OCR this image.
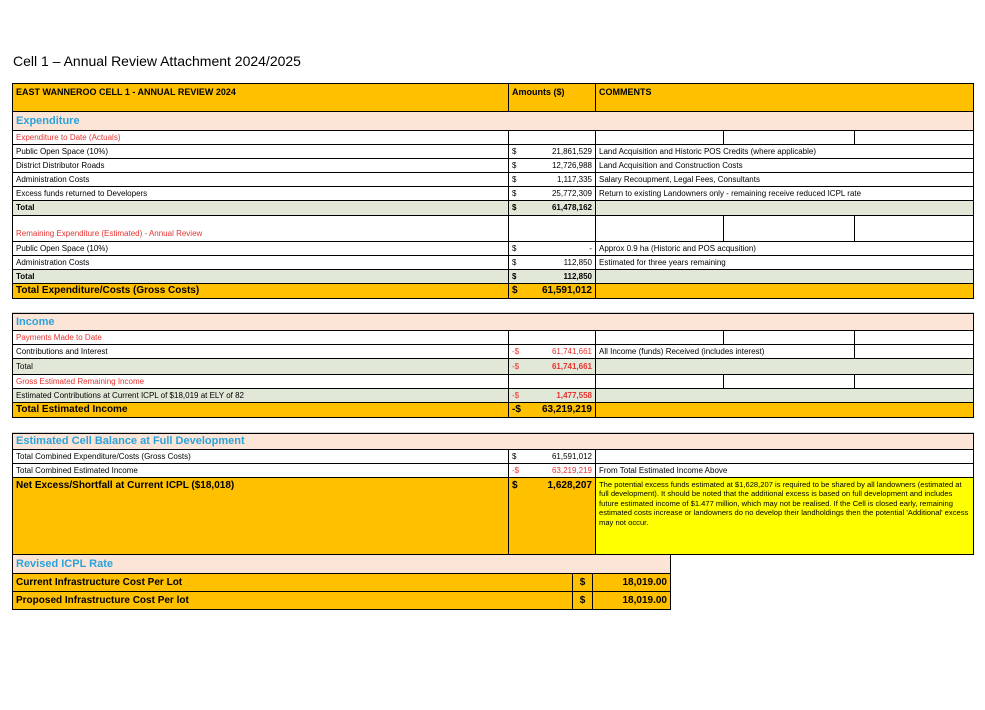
Cell 1 – Annual Review Attachment 2024/2025
EAST WANNEROO CELL 1 - ANNUAL REVIEW 2024	Amounts ($)	COMMENTS
Expenditure
Expenditure to Date (Actuals)
Public Open Space (10%)	$	21,861,529 Land Acquisition and Historic POS Credits (where applicable)
District Distributor Roads	$	12,726,988 Land Acquisition and Construction Costs
Administration Costs	$	1,117,335 Salary Recoupment, Legal Fees, Consultants
Excess funds returned to Developers	$	25,772,309 Return to existing Landowners only - remaining receive reduced ICPL rate
Total	$	61,478,162
Remaining Expenditure (Estimated) - Annual Review
Public Open Space (10%)	$	- Approx 0.9 ha (Historic and POS acqusition)
Administration Costs	$	112,850 Estimated for three years remaining
Total	$	112,850
Total Expenditure/Costs (Gross Costs)	$	61,591,012
Income
Payments Made to Date
Contributions and Interest	-$	61,741,661 All Income (funds) Received (includes interest)
Total	-$	61,741,661
Gross Estimated Remaining Income
Estimated Contributions at Current ICPL of $18,019 at ELY of 82	-$	1,477,558
Total Estimated Income	-$	63,219,219
Estimated Cell Balance at Full Development
Total Combined Expenditure/Costs (Gross Costs)	$	61,591,012
Total Combined Estimated Income	-$	63,219,219 From Total Estimated Income Above
Net Excess/Shortfall at Current ICPL ($18,018)	$	1,628,207 The potential excess funds estimated at $1,628,207 is required to be shared by all landowners (estimated at full development). It should be noted that the additional excess is based on full development and includes future estimated income of $1.477 million, which may not be realised. If the Cell is closed early, remaining estimated costs increase or landowners do no develop their landholdings then the potential 'Additional' excess may not occur.
Revised ICPL Rate
Current Infrastructure Cost Per Lot	$	18,019.00
Proposed Infrastructure Cost Per lot	$	18,019.00
